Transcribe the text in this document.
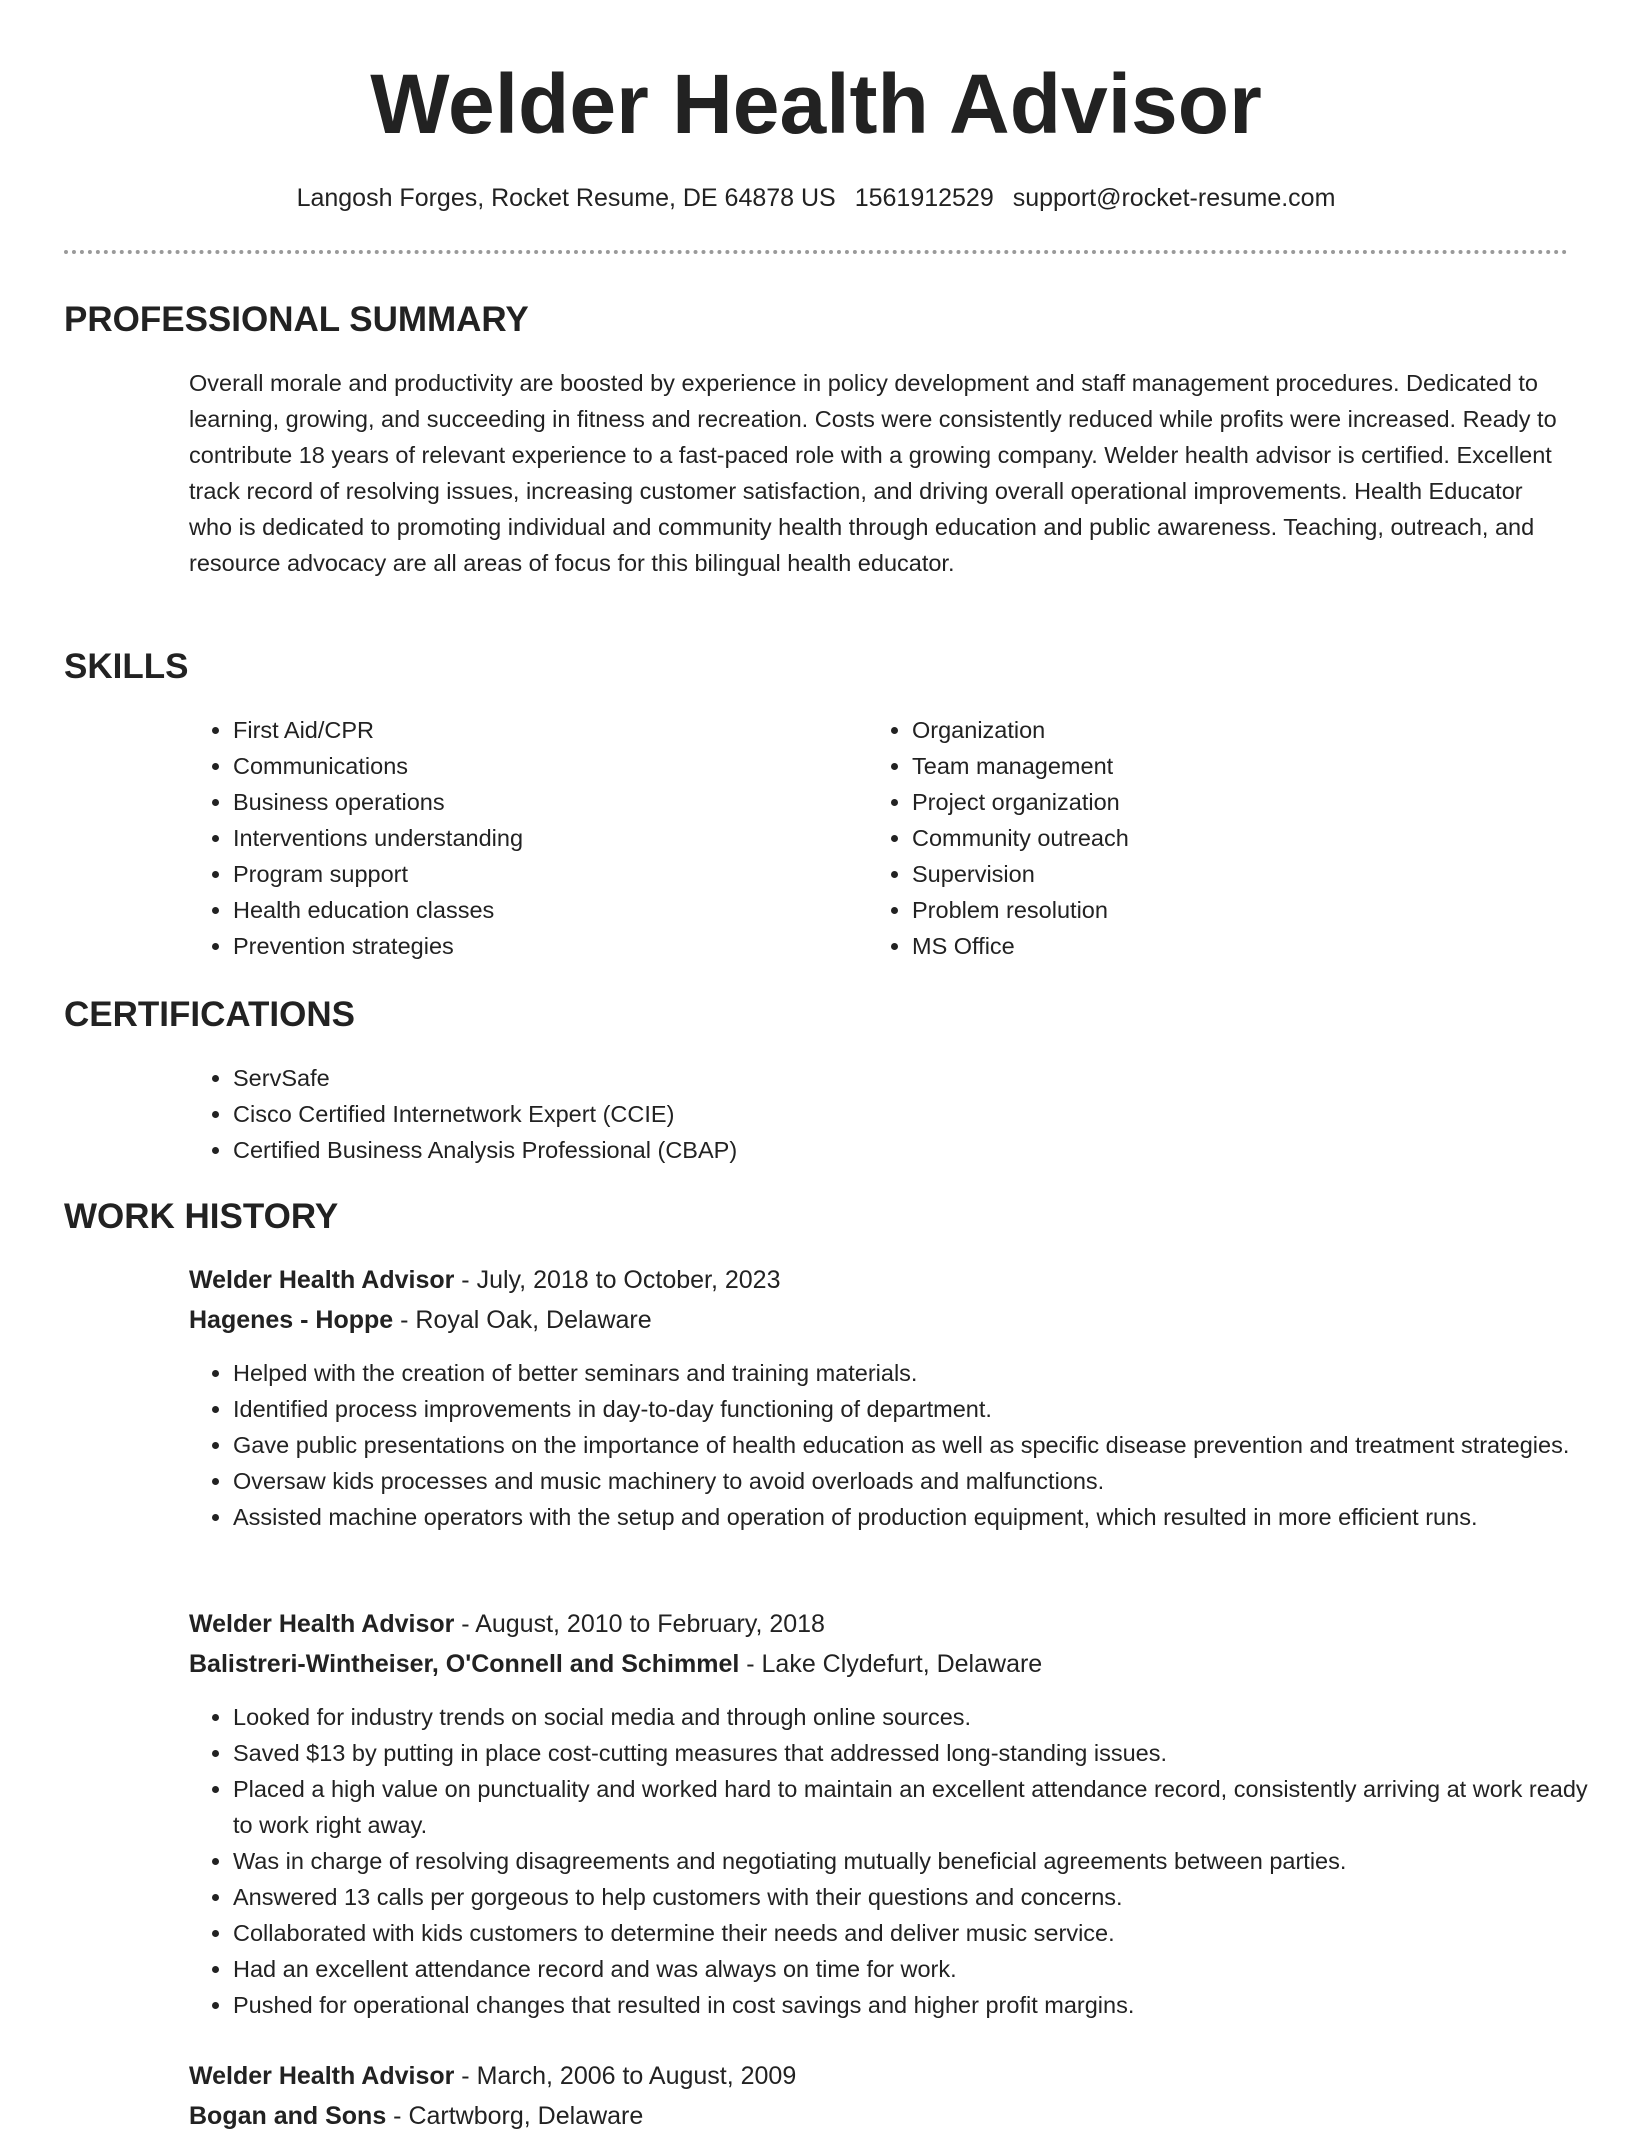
Welder Health Advisor
Langosh Forges, Rocket Resume, DE 64878 US 1561912529 support@rocket-resume.com
PROFESSIONAL SUMMARY

Overall morale and productivity are boosted by experience in policy development and staff management procedures. Dedicated to learning, growing, and succeeding in fitness and recreation. Costs were consistently reduced while profits were increased. Ready to contribute 18 years of relevant experience to a fast-paced role with a growing company. Welder health advisor is certified. Excellent track record of resolving issues, increasing customer satisfaction, and driving overall operational improvements. Health Educator who is dedicated to promoting individual and community health through education and public awareness. Teaching, outreach, and resource advocacy are all areas of focus for this bilingual health educator.

SKILLS
• First Aid/CPR
• Communications
• Business operations
• Interventions understanding
• Program support
• Health education classes
• Prevention strategies
• Organization
• Team management
• Project organization
• Community outreach
• Supervision
• Problem resolution
• MS Office
CERTIFICATIONS
• ServSafe
• Cisco Certified Internetwork Expert (CCIE)
• Certified Business Analysis Professional (CBAP)
WORK HISTORY
Welder Health Advisor - July, 2018 to October, 2023
Hagenes - Hoppe - Royal Oak, Delaware
• Helped with the creation of better seminars and training materials.
• Identified process improvements in day-to-day functioning of department.
• Gave public presentations on the importance of health education as well as specific disease prevention and treatment strategies.
• Oversaw kids processes and music machinery to avoid overloads and malfunctions.
• Assisted machine operators with the setup and operation of production equipment, which resulted in more efficient runs.
Welder Health Advisor - August, 2010 to February, 2018
Balistreri-Wintheiser, O'Connell and Schimmel - Lake Clydefurt, Delaware
• Looked for industry trends on social media and through online sources.
• Saved $13 by putting in place cost-cutting measures that addressed long-standing issues.
• Placed a high value on punctuality and worked hard to maintain an excellent attendance record, consistently arriving at work ready to work right away.
• Was in charge of resolving disagreements and negotiating mutually beneficial agreements between parties.
• Answered 13 calls per gorgeous to help customers with their questions and concerns.
• Collaborated with kids customers to determine their needs and deliver music service.
• Had an excellent attendance record and was always on time for work.
• Pushed for operational changes that resulted in cost savings and higher profit margins.
Welder Health Advisor - March, 2006 to August, 2009
Bogan and Sons - Cartwborg, Delaware
